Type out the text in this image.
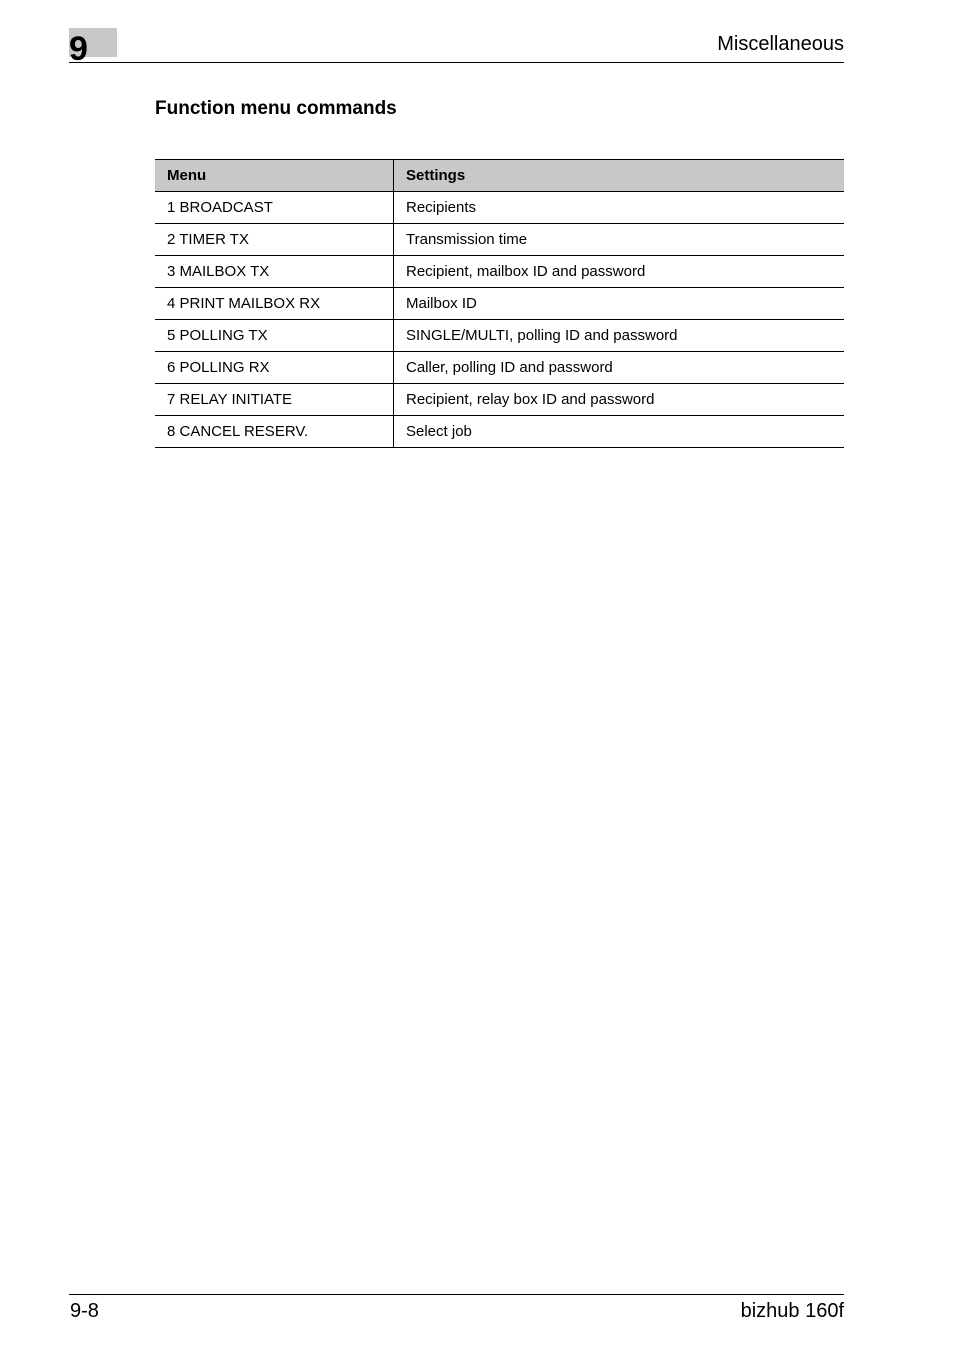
9	Miscellaneous
Function menu commands
Menu	Settings
1 BROADCAST	Recipients
2 TIMER TX	Transmission time
3 MAILBOX TX	Recipient, mailbox ID and password
4 PRINT MAILBOX RX	Mailbox ID
5 POLLING TX	SINGLE/MULTI, polling ID and password
6 POLLING RX	Caller, polling ID and password
7 RELAY INITIATE	Recipient, relay box ID and password
8 CANCEL RESERV.	Select job
9-8	bizhub 160f
